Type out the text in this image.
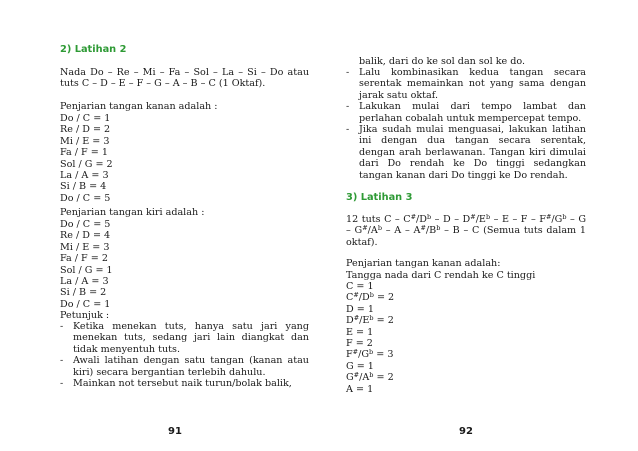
2) Latihan 2
Nada Do – Re – Mi – Fa – Sol – La – Si – Do atau tuts C – D – E – F – G – A – B – C (1 Oktaf).
Penjarian tangan kanan adalah :
Do / C = 1
Re / D = 2
Mi / E = 3
Fa / F = 1
Sol / G = 2
La / A = 3
Si / B = 4
Do / C = 5
Penjarian tangan kiri adalah :
Do / C = 5
Re / D = 4
Mi / E = 3
Fa / F = 2
Sol / G = 1
La / A = 3
Si / B = 2
Do / C = 1
Petunjuk :
- Ketika menekan tuts, hanya satu jari yang menekan tuts, sedang jari lain diangkat dan tidak menyentuh tuts.
- Awali latihan dengan satu tangan (kanan atau kiri) secara bergantian terlebih dahulu.
- Mainkan not tersebut naik turun/bolak balik,
91
balik, dari do ke sol dan sol ke do.
- Lalu kombinasikan kedua tangan secara serentak memainkan not yang sama dengan jarak satu oktaf.
- Lakukan mulai dari tempo lambat dan perlahan cobalah untuk mempercepat tempo.
- Jika sudah mulai menguasai, lakukan latihan ini dengan dua tangan secara serentak, dengan arah berlawanan. Tangan kiri dimulai dari Do rendah ke Do tinggi sedangkan tangan kanan dari Do tinggi ke Do rendah.
3) Latihan 3
12 tuts C – $C^{\#}/D^b$ – D – $D^{\#}/E^b$ – E – F – $F^{\#}/G^b$ – G – $G^{\#}/A^b$ – A – $A^{\#}/B^b$ – B – C (Semua tuts dalam 1 oktaf).
Penjarian tangan kanan adalah:
Tangga nada dari C rendah ke C tinggi
C = 1
$C^{\#}/D^b = 2$
D = 1
$D^{\#}/E^b = 2$
E = 1
F = 2
$F^{\#}/G^b = 3$
G = 1
$G^{\#}/A^b = 2$
A = 1
92
